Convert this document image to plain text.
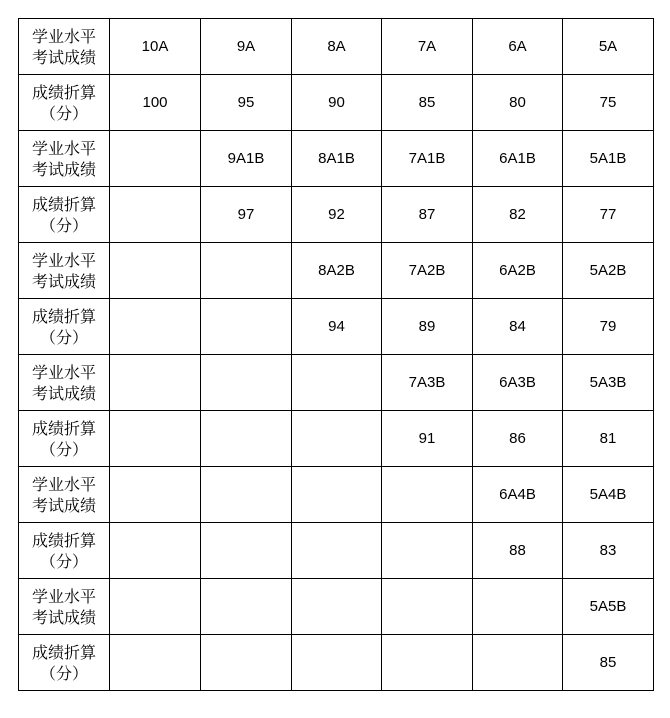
学业水平
考试成绩	10A	9A	8A	7A	6A	5A

成绩折算
（分）	100	95	90	85	80	75

学业水平
考试成绩		9A1B	8A1B	7A1B	6A1B	5A1B

成绩折算
（分）		97	92	87	82	77

学业水平
考试成绩			8A2B	7A2B	6A2B	5A2B

成绩折算
（分）			94	89	84	79

学业水平
考试成绩				7A3B	6A3B	5A3B

成绩折算
（分）				91	86	81

学业水平
考试成绩					6A4B	5A4B

成绩折算
（分）					88	83

学业水平
考试成绩						5A5B

成绩折算
（分）						85
